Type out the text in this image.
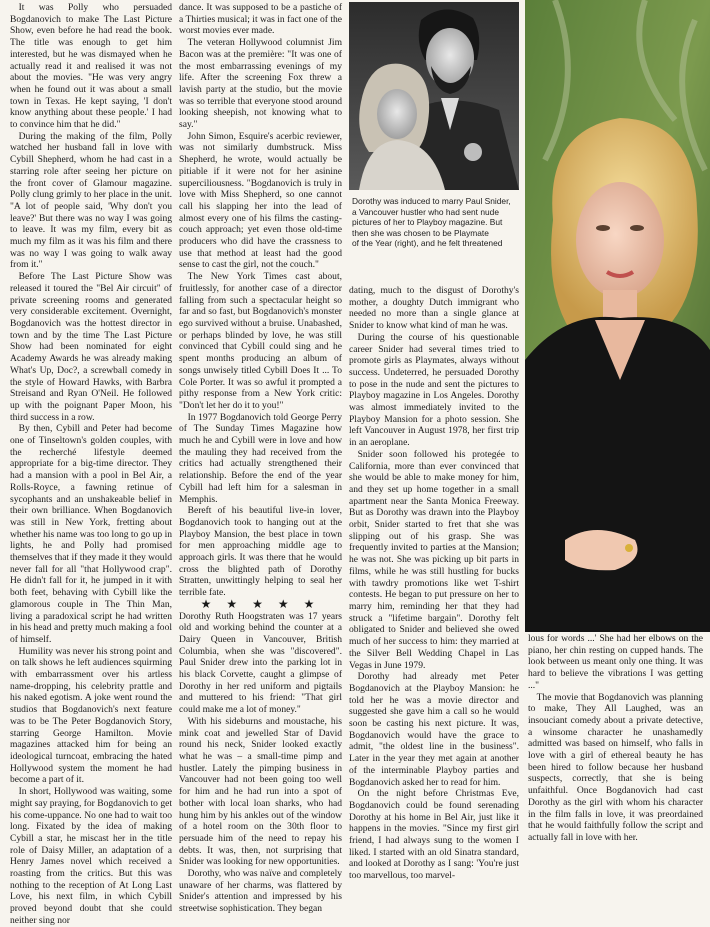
It was Polly who persuaded Bogdanovich to make The Last Picture Show, even before he had read the book. The title was enough to get him interested, but he was dismayed when he actually read it and realised it was not about the movies. "He was very angry when he found out it was about a small town in Texas. He kept saying, 'I don't know anything about these people.' I had to convince him that he did."

During the making of the film, Polly watched her husband fall in love with Cybill Shepherd, whom he had cast in a starring role after seeing her picture on the front cover of Glamour magazine. Polly clung grimly to her place in the unit. "A lot of people said, 'Why don't you leave?' But there was no way I was going to leave. It was my film, every bit as much my film as it was his film and there was no way I was going to walk away from it."

Before The Last Picture Show was released it toured the "Bel Air circuit" of private screening rooms and generated very considerable excitement. Overnight, Bogdanovich was the hottest director in town and by the time The Last Picture Show had been nominated for eight Academy Awards he was already making What's Up, Doc?, a screwball comedy in the style of Howard Hawks, with Barbra Streisand and Ryan O'Neil. He followed up with the poignant Paper Moon, his third success in a row.

By then, Cybill and Peter had become one of Tinseltown's golden couples, with the recherché lifestyle deemed appropriate for a big-time director. They had a mansion with a pool in Bel Air, a Rolls-Royce, a fawning retinue of sycophants and an unshakeable belief in their own brilliance. When Bogdanovich was still in New York, fretting about whether his name was too long to go up in lights, he and Polly had promised themselves that if they made it they would never fall for all "that Hollywood crap". He didn't fall for it, he jumped in it with both feet, behaving with Cybill like the glamorous couple in The Thin Man, living a paradoxical script he had written in his head and pretty much making a fool of himself.

Humility was never his strong point and on talk shows he left audiences squirming with embarrassment over his artless name-dropping, his celebrity prattle and his naked egotism. A joke went round the studios that Bogdanovich's next feature was to be The Peter Bogdanovich Story, starring George Hamilton. Movie magazines attacked him for being an ideological turncoat, embracing the hated Hollywood system the moment he had become a part of it.

In short, Hollywood was waiting, some might say praying, for Bogdanovich to get his come-uppance. No one had to wait too long. Fixated by the idea of making Cybill a star, he miscast her in the title role of Daisy Miller, an adaptation of a Henry James novel which received a roasting from the critics. But this was nothing to the reception of At Long Last Love, his next film, in which Cybill proved beyond doubt that she could neither sing nor

dance. It was supposed to be a pastiche of a Thirties musical; it was in fact one of the worst movies ever made.

The veteran Hollywood columnist Jim Bacon was at the première: "It was one of the most embarrassing evenings of my life. After the screening Fox threw a lavish party at the studio, but the movie was so terrible that everyone stood around looking sheepish, not knowing what to say."

John Simon, Esquire's acerbic reviewer, was not similarly dumbstruck. Miss Shepherd, he wrote, would actually be pitiable if it were not for her asinine superciliousness. "Bogdanovich is truly in love with Miss Shepherd, so one cannot call his slapping her into the lead of almost every one of his films the casting-couch approach; yet even those old-time producers who did have the crassness to use that method at least had the good sense to cast the girl, not the couch."

The New York Times cast about, fruitlessly, for another case of a director falling from such a spectacular height so far and so fast, but Bogdanovich's monster ego survived without a bruise. Unabashed, or perhaps blinded by love, he was still convinced that Cybill could sing and he spent months producing an album of songs unwisely titled Cybill Does It ... To Cole Porter. It was so awful it prompted a pithy response from a New York critic: "Don't let her do it to you!"

In 1977 Bogdanovich told George Perry of The Sunday Times Magazine how much he and Cybill were in love and how the mauling they had received from the critics had actually strengthened their relationship. Before the end of the year Cybill had left him for a salesman in Memphis.

Bereft of his beautiful live-in lover, Bogdanovich took to hanging out at the Playboy Mansion, the best place in town for men approaching middle age to approach girls. It was there that he would cross the blighted path of Dorothy Stratten, unwittingly helping to seal her terrible fate.

★ ★ ★ ★ ★

Dorothy Ruth Hoogstraten was 17 years old and working behind the counter at a Dairy Queen in Vancouver, British Columbia, when she was "discovered". Paul Snider drew into the parking lot in his black Corvette, caught a glimpse of Dorothy in her red uniform and pigtails and muttered to his friend: "That girl could make me a lot of money."

With his sideburns and moustache, his mink coat and jewelled Star of David round his neck, Snider looked exactly what he was – a small-time pimp and hustler. Lately the pimping business in Vancouver had not been going too well for him and he had run into a spot of bother with local loan sharks, who had hung him by his ankles out of the window of a hotel room on the 30th floor to persuade him of the need to repay his debts. It was, then, not surprising that Snider was looking for new opportunities.

Dorothy, who was naïve and completely unaware of her charms, was flattered by Snider's attention and impressed by his streetwise sophistication. They began

Dorothy was induced to marry Paul Snider,
a Vancouver hustler who had sent nude
pictures of her to Playboy magazine. But
then she was chosen to be Playmate
of the Year (right), and he felt threatened

dating, much to the disgust of Dorothy's mother, a doughty Dutch immigrant who needed no more than a single glance at Snider to know what kind of man he was.

During the course of his questionable career Snider had several times tried to promote girls as Playmates, always without success. Undeterred, he persuaded Dorothy to pose in the nude and sent the pictures to Playboy magazine in Los Angeles. Dorothy was almost immediately invited to the Playboy Mansion for a photo session. She left Vancouver in August 1978, her first trip in an aeroplane.

Snider soon followed his protegée to California, more than ever convinced that she would be able to make money for him, and they set up home together in a small apartment near the Santa Monica Freeway. But as Dorothy was drawn into the Playboy orbit, Snider started to fret that she was slipping out of his grasp. She was frequently invited to parties at the Mansion; he was not. She was picking up bit parts in films, while he was still hustling for bucks with tawdry promotions like wet T-shirt contests. He began to put pressure on her to marry him, reminding her that they had struck a "lifetime bargain". Dorothy felt obligated to Snider and believed she owed much of her success to him: they married at the Silver Bell Wedding Chapel in Las Vegas in June 1979.

Dorothy had already met Peter Bogdanovich at the Playboy Mansion: he told her he was a movie director and suggested she gave him a call so he would soon be casting his next picture. It was, Bogdanovich would have the grace to admit, "the oldest line in the business". Later in the year they met again at another of the interminable Playboy parties and Bogdanovich asked her to read for him.

On the night before Christmas Eve, Bogdanovich could be found serenading Dorothy at his home in Bel Air, just like it happens in the movies. "Since my first girl friend, I had always sung to the women I liked. I started with an old Sinatra standard, and looked at Dorothy as I sang: 'You're just too marvellous, too marvel-

lous for words ...' She had her elbows on the piano, her chin resting on cupped hands. The look between us meant only one thing. It was hard to believe the vibrations I was getting ..."

The movie that Bogdanovich was planning to make, They All Laughed, was an insouciant comedy about a private detective, a winsome character he unashamedly admitted was based on himself, who falls in love with a girl of ethereal beauty he has been hired to follow because her husband suspects, correctly, that she is being unfaithful. Once Bogdanovich had cast Dorothy as the girl with whom his character in the film falls in love, it was preordained that he would faithfully follow the script and actually fall in love with her.
